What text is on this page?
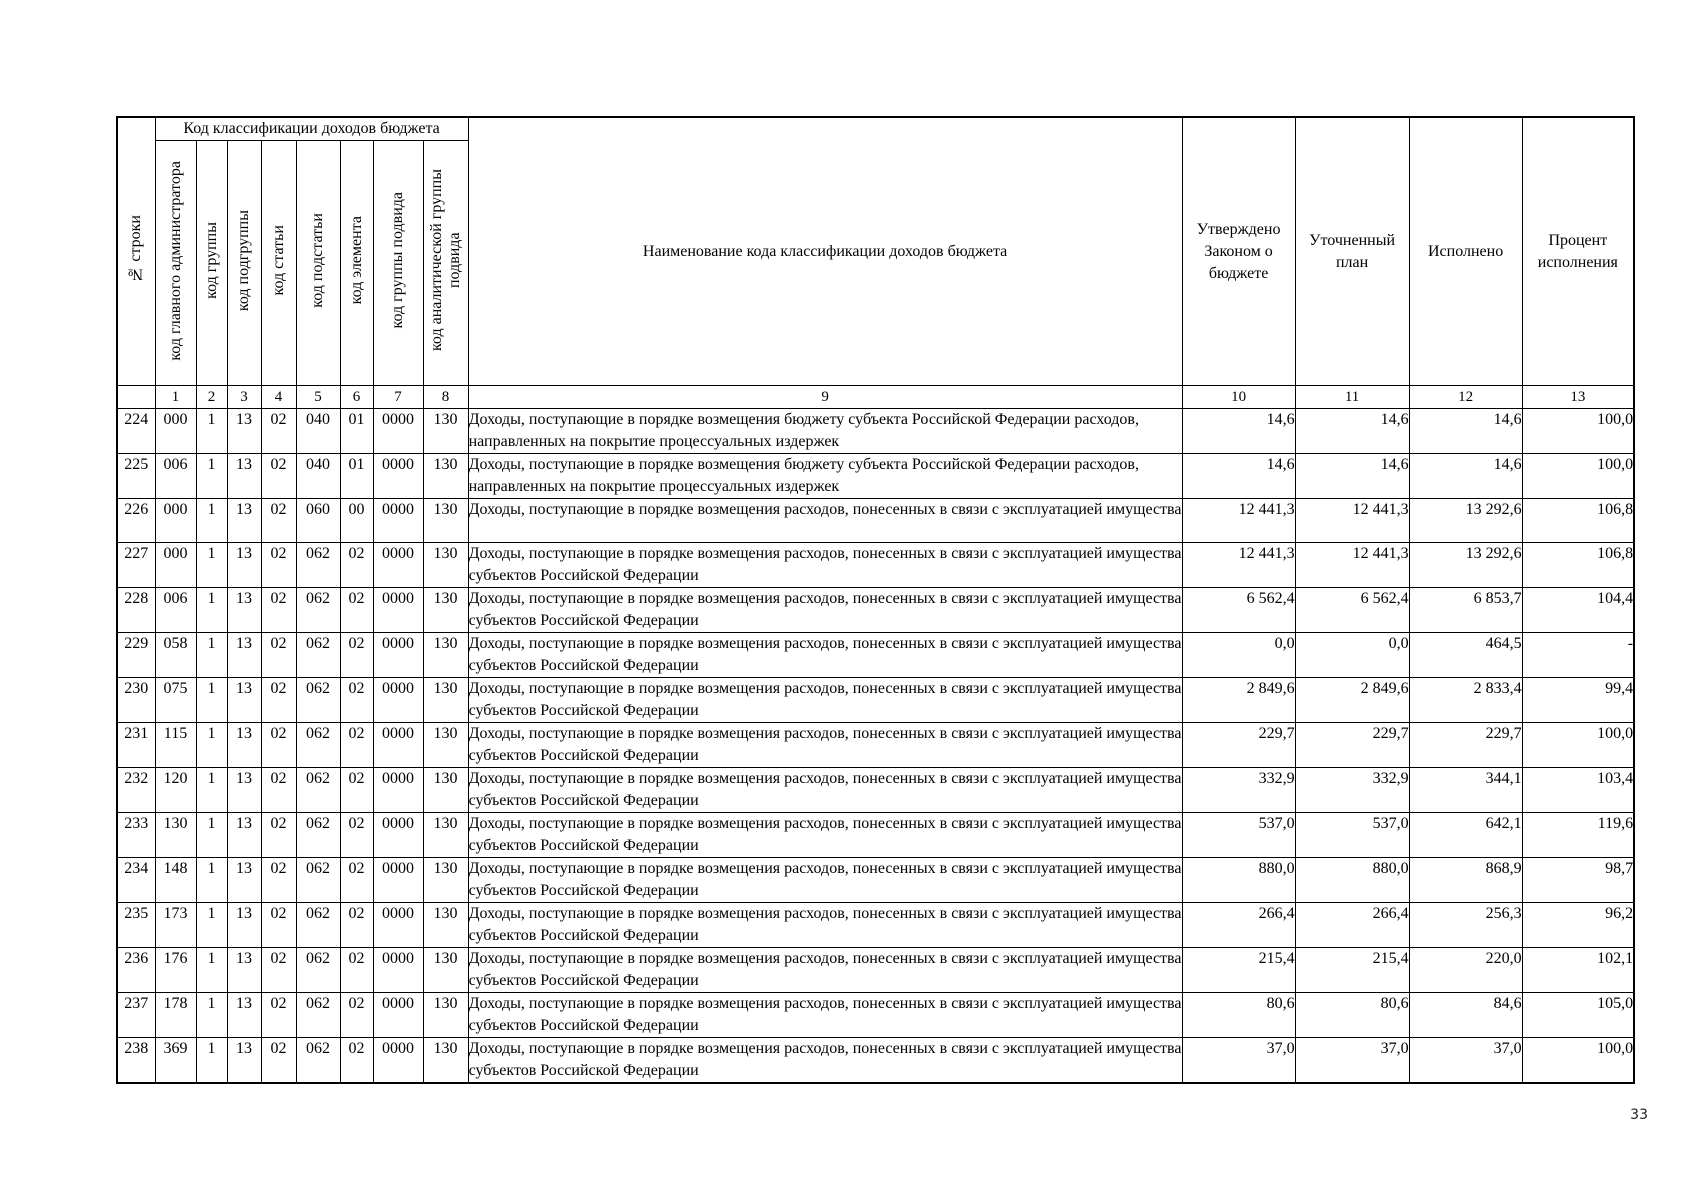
№ строки	Код классификации доходов бюджета								Наименование кода классификации доходов бюджета	Утверждено
Законом о
бюджете	Уточненный
план	Исполнено	Процент
исполнения
	код главного администратора	код группы	код подгруппы	код статьи	код подстатьи	код элемента	код группы подвида	код аналитической группы
подвида					
	1	2	3	4	5	6	7	8	9	10	11	12	13
224	000	1	13	02	040	01	0000	130	Доходы, поступающие в порядке возмещения бюджету субъекта Российской Федерации расходов, направленных на покрытие процессуальных издержек	14,6	14,6	14,6	100,0
225	006	1	13	02	040	01	0000	130	Доходы, поступающие в порядке возмещения бюджету субъекта Российской Федерации расходов, направленных на покрытие процессуальных издержек	14,6	14,6	14,6	100,0
226	000	1	13	02	060	00	0000	130	Доходы, поступающие в порядке возмещения расходов, понесенных в связи с эксплуатацией имущества	12 441,3	12 441,3	13 292,6	106,8
227	000	1	13	02	062	02	0000	130	Доходы, поступающие в порядке возмещения расходов, понесенных в связи с эксплуатацией имущества субъектов Российской Федерации	12 441,3	12 441,3	13 292,6	106,8
228	006	1	13	02	062	02	0000	130	Доходы, поступающие в порядке возмещения расходов, понесенных в связи с эксплуатацией имущества субъектов Российской Федерации	6 562,4	6 562,4	6 853,7	104,4
229	058	1	13	02	062	02	0000	130	Доходы, поступающие в порядке возмещения расходов, понесенных в связи с эксплуатацией имущества субъектов Российской Федерации	0,0	0,0	464,5	-
230	075	1	13	02	062	02	0000	130	Доходы, поступающие в порядке возмещения расходов, понесенных в связи с эксплуатацией имущества субъектов Российской Федерации	2 849,6	2 849,6	2 833,4	99,4
231	115	1	13	02	062	02	0000	130	Доходы, поступающие в порядке возмещения расходов, понесенных в связи с эксплуатацией имущества субъектов Российской Федерации	229,7	229,7	229,7	100,0
232	120	1	13	02	062	02	0000	130	Доходы, поступающие в порядке возмещения расходов, понесенных в связи с эксплуатацией имущества субъектов Российской Федерации	332,9	332,9	344,1	103,4
233	130	1	13	02	062	02	0000	130	Доходы, поступающие в порядке возмещения расходов, понесенных в связи с эксплуатацией имущества субъектов Российской Федерации	537,0	537,0	642,1	119,6
234	148	1	13	02	062	02	0000	130	Доходы, поступающие в порядке возмещения расходов, понесенных в связи с эксплуатацией имущества субъектов Российской Федерации	880,0	880,0	868,9	98,7
235	173	1	13	02	062	02	0000	130	Доходы, поступающие в порядке возмещения расходов, понесенных в связи с эксплуатацией имущества субъектов Российской Федерации	266,4	266,4	256,3	96,2
236	176	1	13	02	062	02	0000	130	Доходы, поступающие в порядке возмещения расходов, понесенных в связи с эксплуатацией имущества субъектов Российской Федерации	215,4	215,4	220,0	102,1
237	178	1	13	02	062	02	0000	130	Доходы, поступающие в порядке возмещения расходов, понесенных в связи с эксплуатацией имущества субъектов Российской Федерации	80,6	80,6	84,6	105,0
238	369	1	13	02	062	02	0000	130	Доходы, поступающие в порядке возмещения расходов, понесенных в связи с эксплуатацией имущества субъектов Российской Федерации	37,0	37,0	37,0	100,0
33
